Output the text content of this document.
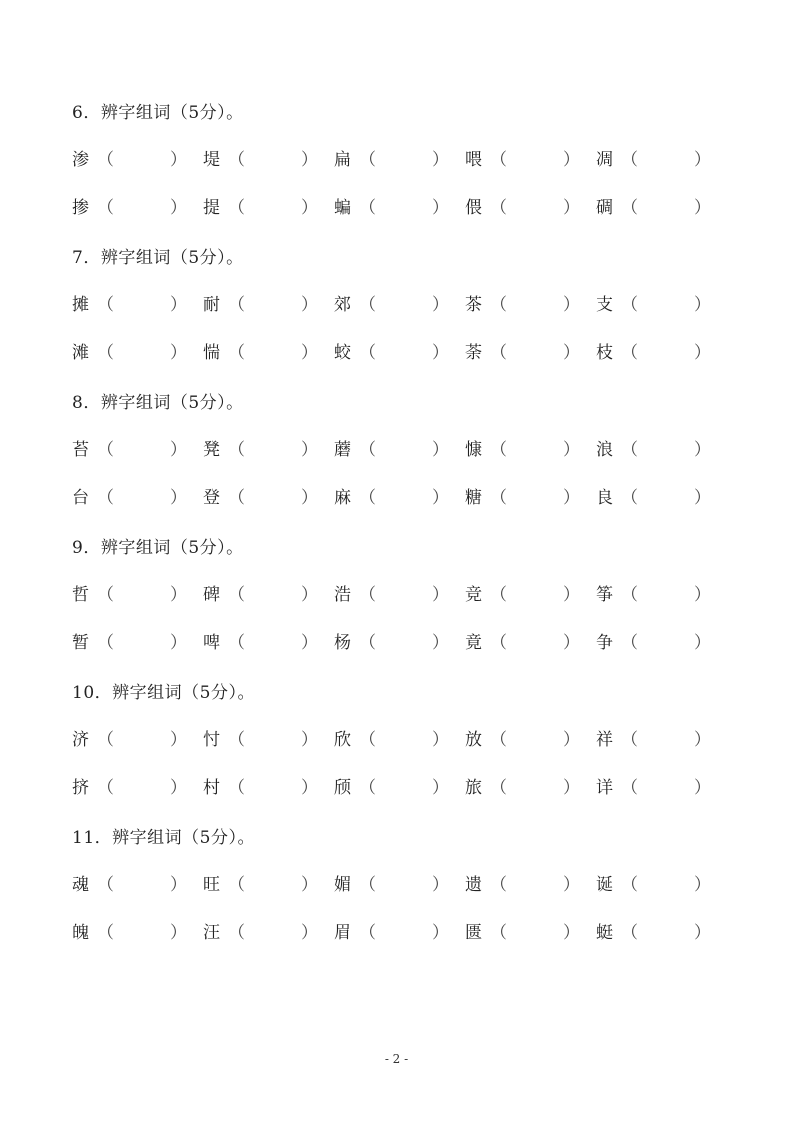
6．辨字组词（5分）。
渗 （	） 堤 （	） 扁 （	） 喂 （	） 凋 （	）
掺 （	） 提 （	） 蝙 （	） 偎 （	） 碉 （	）
7．辨字组词（5分）。
摊 （	） 耐 （	） 郊 （	） 茶 （	） 支 （	）
滩 （	） 惴 （	） 蛟 （	） 荼 （	） 枝 （	）
8．辨字组词（5分）。
苔 （	） 凳 （	） 蘑 （	） 慷 （	） 浪 （	）
台 （	） 登 （	） 麻 （	） 糖 （	） 良 （	）
9．辨字组词（5分）。
哲 （	） 碑 （	） 浩 （	） 竞 （	） 筝 （	）
暂 （	） 啤 （	） 杨 （	） 竟 （	） 争 （	）
10．辨字组词（5分）。
济 （	） 忖 （	） 欣 （	） 放 （	） 祥 （	）
挤 （	） 村 （	） 颀 （	） 旅 （	） 详 （	）
11．辨字组词（5分）。
魂 （	） 旺 （	） 媚 （	） 遗 （	） 诞 （	）
魄 （	） 汪 （	） 眉 （	） 匮 （	） 蜓 （	）
- 2 -
